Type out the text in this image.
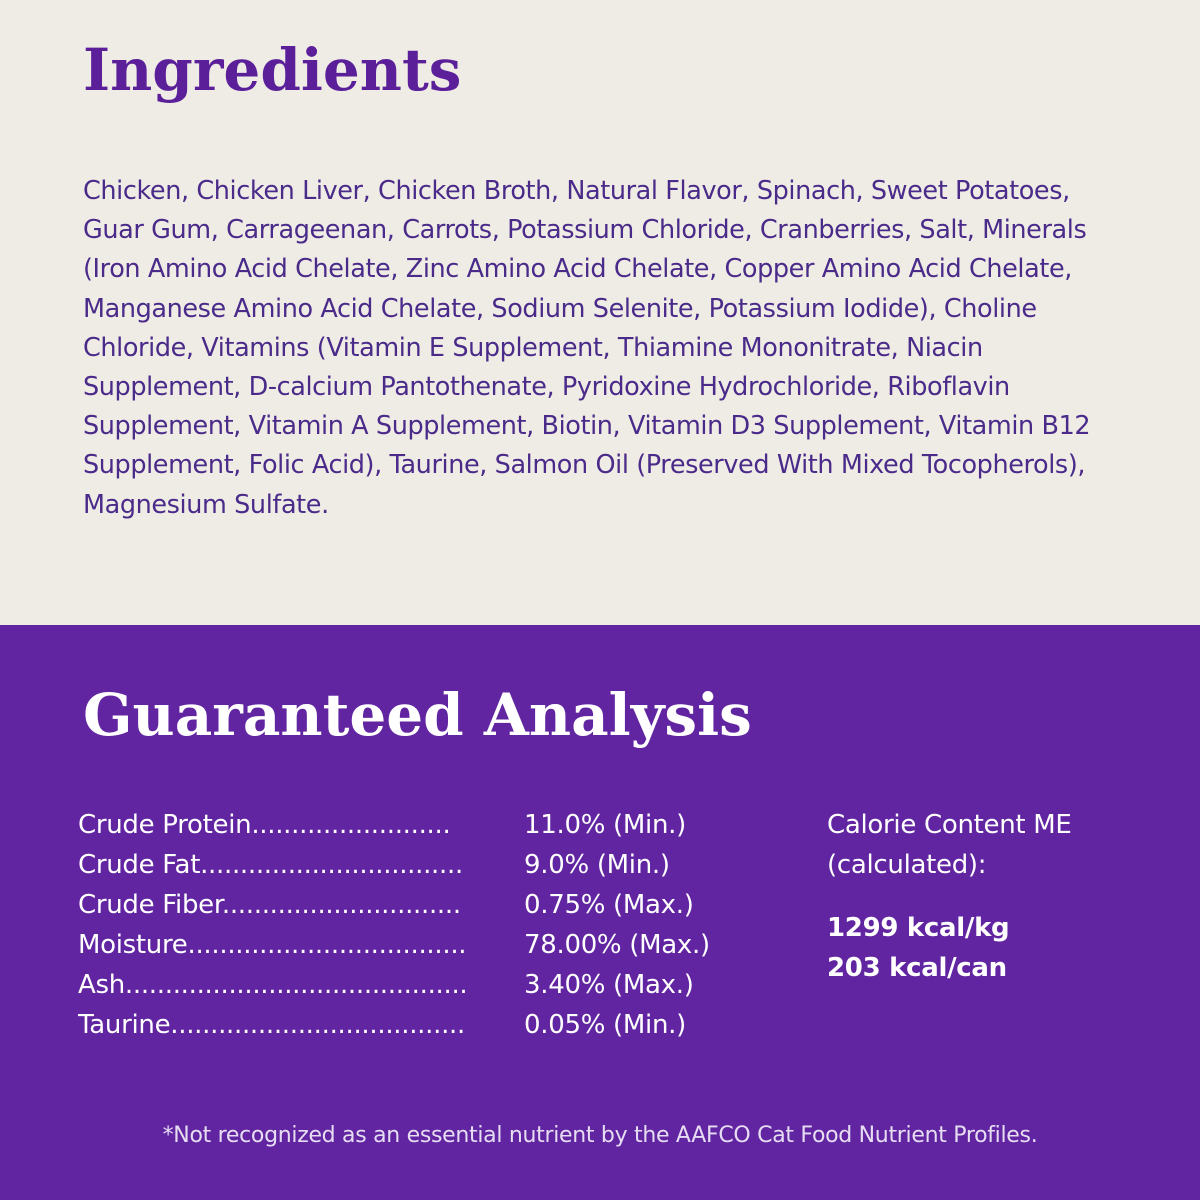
Ingredients

Chicken, Chicken Liver, Chicken Broth, Natural Flavor, Spinach, Sweet Potatoes, Guar Gum, Carrageenan, Carrots, Potassium Chloride, Cranberries, Salt, Minerals (Iron Amino Acid Chelate, Zinc Amino Acid Chelate, Copper Amino Acid Chelate, Manganese Amino Acid Chelate, Sodium Selenite, Potassium Iodide), Choline Chloride, Vitamins (Vitamin E Supplement, Thiamine Mononitrate, Niacin Supplement, D-calcium Pantothenate, Pyridoxine Hydrochloride, Riboflavin Supplement, Vitamin A Supplement, Biotin, Vitamin D3 Supplement, Vitamin B12 Supplement, Folic Acid), Taurine, Salmon Oil (Preserved With Mixed Tocopherols), Magnesium Sulfate.

Guaranteed Analysis
Crude Protein.........................	11.0% (Min.)
Crude Fat.................................	9.0% (Min.)
Crude Fiber..............................	0.75% (Max.)
Moisture...................................	78.00% (Max.)
Ash...........................................	3.40% (Max.)
Taurine.....................................	0.05% (Min.)

Calorie Content ME

(calculated):

1299 kcal/kg
203 kcal/can

*Not recognized as an essential nutrient by the AAFCO Cat Food Nutrient Profiles.
